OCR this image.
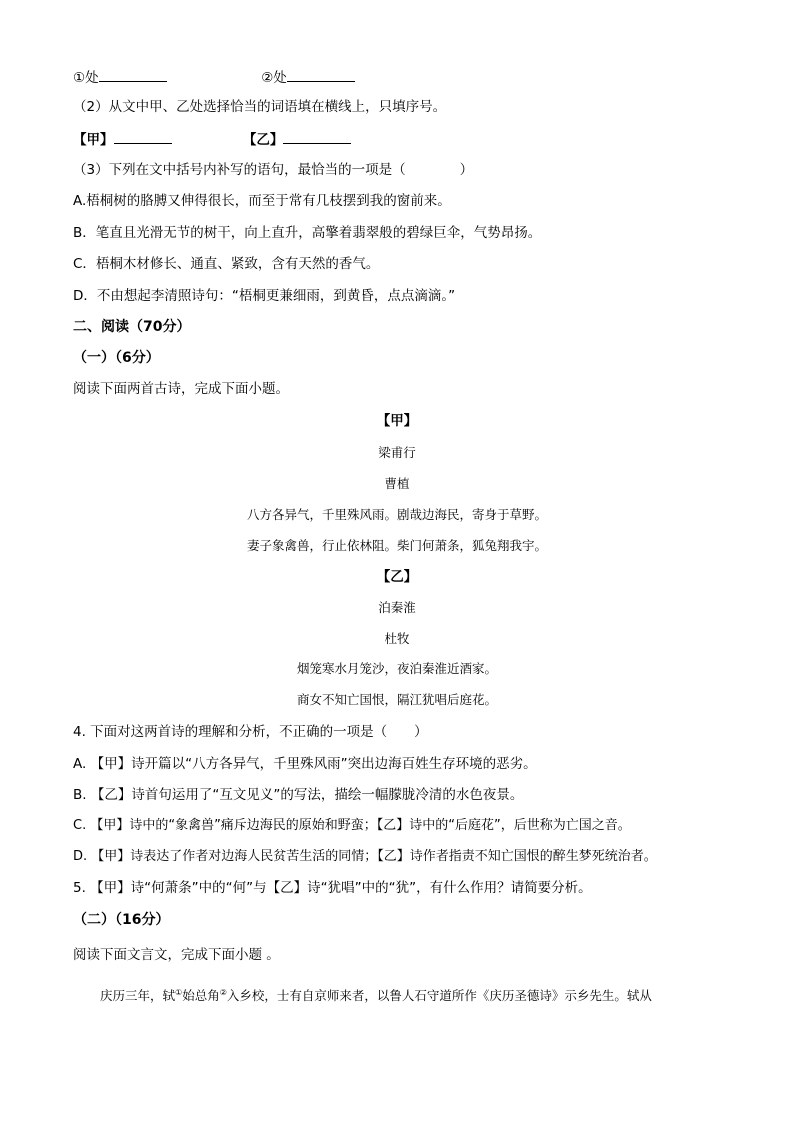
①处	②处
（2）从文中甲、乙处选择恰当的词语填在横线上，只填序号。
【甲】	【乙】
（3）下列在文中括号内补写的语句，最恰当的一项是（　　　　）
A.梧桐树的胳膊又伸得很长，而至于常有几枝摆到我的窗前来。
B．笔直且光滑无节的树干，向上直升，高擎着翡翠般的碧绿巨伞，气势昂扬。
C．梧桐木材修长、通直、紧致，含有天然的香气。
D．不由想起李清照诗句：“梧桐更兼细雨，到黄昏，点点滴滴。”
二、阅读（70分）
（一）（6分）
阅读下面两首古诗，完成下面小题。
【甲】
梁甫行
曹植
八方各异气，千里殊风雨。剧哉边海民，寄身于草野。
妻子象禽兽，行止依林阻。柴门何萧条，狐兔翔我宇。
【乙】
泊秦淮
杜牧
烟笼寒水月笼沙，夜泊秦淮近酒家。
商女不知亡国恨，隔江犹唱后庭花。
4. 下面对这两首诗的理解和分析，不正确的一项是（　　）
A. 【甲】诗开篇以“八方各异气，千里殊风雨”突出边海百姓生存环境的恶劣。
B. 【乙】诗首句运用了“互文见义”的写法，描绘一幅朦胧冷清的水色夜景。
C. 【甲】诗中的“象禽兽”痛斥边海民的原始和野蛮；【乙】诗中的“后庭花”，后世称为亡国之音。
D. 【甲】诗表达了作者对边海人民贫苦生活的同情；【乙】诗作者指责不知亡国恨的醉生梦死统治者。
5. 【甲】诗“何萧条”中的“何”与【乙】诗“犹唱”中的“犹”，有什么作用？请简要分析。
（二）（16分）
阅读下面文言文，完成下面小题 。
庆历三年，轼①始总角②入乡校，士有自京师来者，以鲁人石守道所作《庆历圣德诗》示乡先生。轼从
